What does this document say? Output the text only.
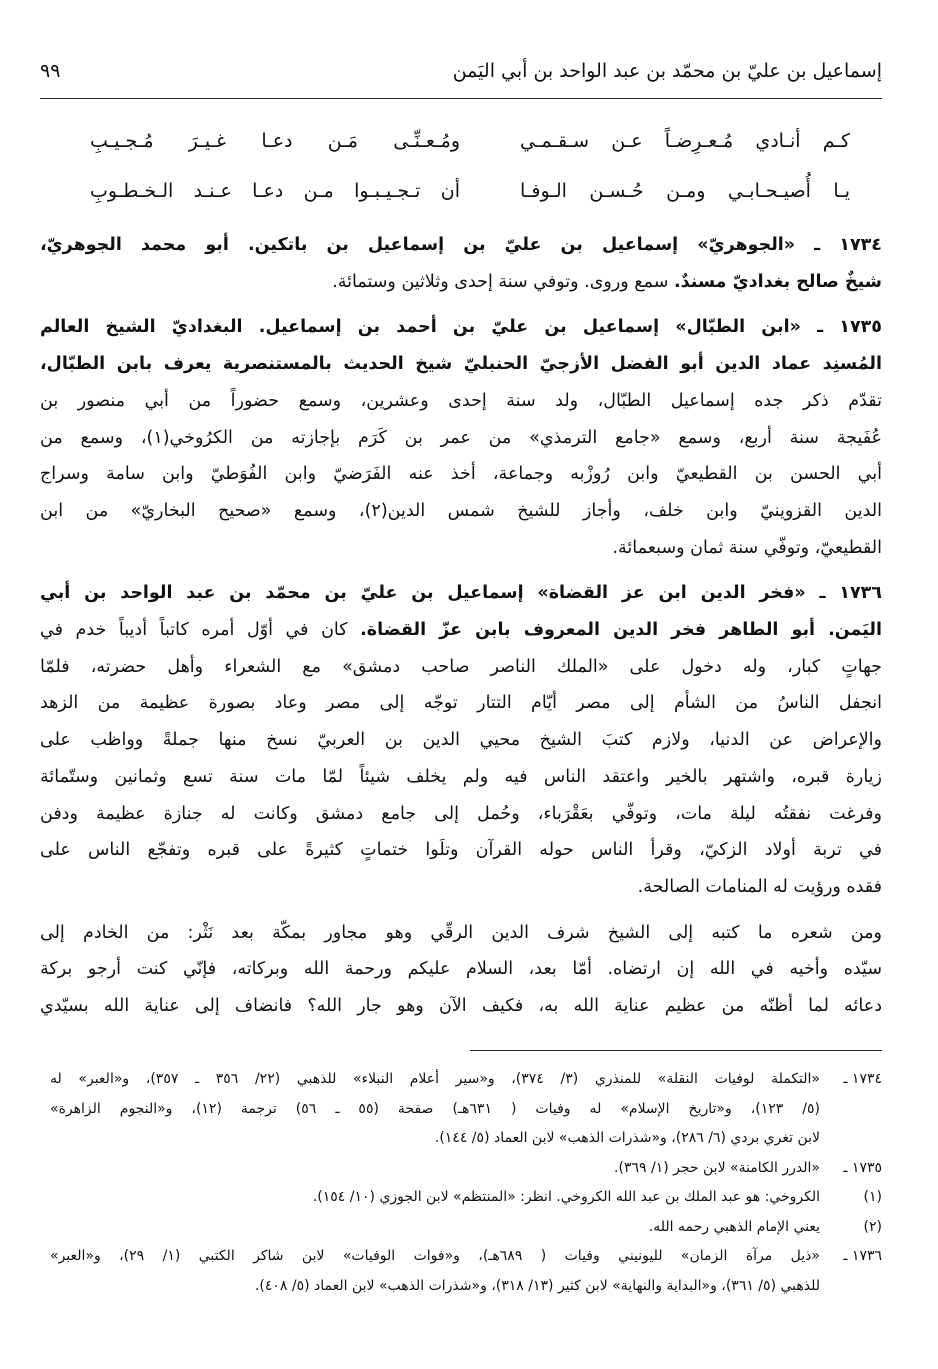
إسماعيل بن عليّ بن محمّد بن عبد الواحد بن أبي اليَمن
٩٩
كـم أنـادي مُـعـرِضـاً عـن سـقـمـي
ومُـعـنِّـى مَـن دعـا غـيـرَ مُـجـيـبِ
يـا أُصيـحـابـي ومـن حُـسـن الـوفـا
أن تـجـيـبـوا مـن دعـا عـنـد الـخـطـوبِ
١٧٣٤ ـ «الجوهريّ» إسماعيل بن عليّ بن إسماعيل بن باتكين. أبو محمد الجوهريّ،
شيخٌ صالح بغداديّ مسندٌ. سمع وروى. وتوفي سنة إحدى وثلاثين وستمائة.
١٧٣٥ ـ «ابن الطبّال» إسماعيل بن عليّ بن أحمد بن إسماعيل. البغداديّ الشيخ العالم
المُسنِد عماد الدين أبو الفضل الأزجيّ الحنبليّ شيخ الحديث بالمستنصرية يعرف بابن الطبّال،
تقدّم ذكر جده إسماعيل الطبّال، ولد سنة إحدى وعشرين، وسمع حضوراً من أبي منصور بن
عُفَيجة سنة أربع، وسمع «جامع الترمذي» من عمر بن كَرَم بإجازته من الكرُوخي(١)، وسمع من
أبي الحسن بن القطيعيّ وابن رُوزْبه وجماعة، أخذ عنه الفَرَضيّ وابن الفُوَطيّ وابن سامة وسراج
الدين القزوينيّ وابن خلف، وأجاز للشيخ شمس الدين(٢)، وسمع «صحيح البخاريّ» من ابن
القطيعيّ، وتوفّي سنة ثمان وسبعمائة.
١٧٣٦ ـ «فخر الدين ابن عز القضاة» إسماعيل بن عليّ بن محمّد بن عبد الواحد بن أبي
اليَمن. أبو الطاهر فخر الدين المعروف بابن عزّ القضاة. كان في أوّل أمره كاتباً أديباً خدم في
جهاتٍ كبار، وله دخول على «الملك الناصر صاحب دمشق» مع الشعراء وأهل حضرته، فلمّا
انجفل الناسُ من الشأم إلى مصر أيّام التتار توجّه إلى مصر وعاد بصورة عظيمة من الزهد
والإعراض عن الدنيا، ولازم كتبَ الشيخ محيي الدين بن العربيّ نسخ منها جملةً وواظب على
زيارة قبره، واشتهر بالخير واعتقد الناس فيه ولم يخلف شيئاً لمّا مات سنة تسع وثمانين وستّمائة
وفرغت نفقتُه ليلة مات، وتوفّي بعَقْرَباء، وحُمل إلى جامع دمشق وكانت له جنازة عظيمة ودفن
في تربة أولاد الزكيّ، وقرأ الناس حوله القرآن وتلَوا ختماتٍ كثيرةً على قبره وتفجّع الناس على
فقده ورؤيت له المنامات الصالحة.
ومن شعره ما كتبه إلى الشيخ شرف الدين الرقّي وهو مجاور بمكّة بعد نَثْر: من الخادم إلى
سيّده وأخيه في الله إن ارتضاه. أمّا بعد، السلام عليكم ورحمة الله وبركاته، فإنّي كنت أرجو بركة
دعائه لما أظنّه من عظيم عناية الله به، فكيف الآن وهو جار الله؟ فانضاف إلى عناية الله بسيّدي
١٧٣٤ ـ
«التكملة لوفيات النقلة» للمنذري (٣/ ٣٧٤)، و«سير أعلام النبلاء» للذهبي (٢٢/ ٣٥٦ ـ ٣٥٧)، و«العبر» له
(٥/ ١٢٣)، و«تاريخ الإسلام» له وفيات ( ٦٣١هـ) صفحة (٥٥ ـ ٥٦) ترجمة (١٢)، و«النجوم الزاهرة»
لابن تغري بردي (٦/ ٢٨٦)، و«شذرات الذهب» لابن العماد (٥/ ١٤٤).
١٧٣٥ ـ
«الدرر الكامنة» لابن حجر (١/ ٣٦٩).
(١)
الكروخي: هو عبد الملك بن عبد الله الكروخي. انظر: «المنتظم» لابن الجوزي (١٠/ ١٥٤).
(٢)
يعني الإمام الذهبي رحمه الله.
١٧٣٦ ـ
«ذيل مرآة الزمان» لليونيني وفيات ( ٦٨٩هـ)، و«فوات الوفيات» لابن شاكر الكتبي (١/ ٢٩)، و«العبر»
للذهبي (٥/ ٣٦١)، و«البداية والنهاية» لابن كثير (١٣/ ٣١٨)، و«شذرات الذهب» لابن العماد (٥/ ٤٠٨).
